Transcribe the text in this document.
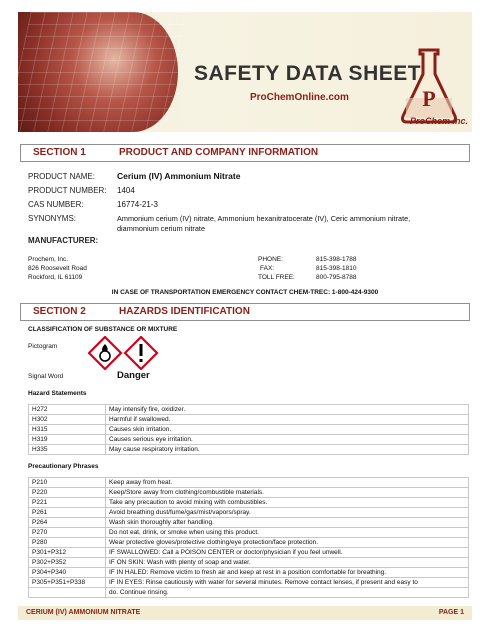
SAFETY DATA SHEET
ProChemOnline.com	P
ProChem inc.
SECTION 1	PRODUCT AND COMPANY INFORMATION
PRODUCT NAME:	Cerium (IV) Ammonium Nitrate
PRODUCT NUMBER: 1404
CAS NUMBER:	16774-21-3
SYNONYMS:	Ammonium cerium (IV) nitrate, Ammonium hexanitratocerate (IV), Ceric ammonium nitrate,
diammonium cerium nitrate
MANUFACTURER:
Prochem, Inc.
826 Roosevelt Road
Rockford, IL 61109
PHONE:	815-398-1788
FAX:	815-398-1810
TOLL FREE:	800-795-8788
IN CASE OF TRANSPORTATION EMERGENCY CONTACT CHEM-TREC: 1-800-424-9300
SECTION 2	HAZARDS IDENTIFICATION
CLASSIFICATION OF SUBSTANCE OR MIXTURE
Pictogram
Signal Word	Danger
Hazard Statements
H272	May intensify fire, oxidizer.
H302	Harmful if swallowed.
H315	Causes skin irritation.
H319	Causes serious eye irritation.
H335	May cause respiratory irritation.
Precautionary Phrases
P210	Keep away from heat.
P220	Keep/Store away from clothing/combustible materials.
P221	Take any precaution to avoid mixing with combustibles.
P261	Avoid breathing dust/fume/gas/mist/vapors/spray.
P264	Wash skin thoroughly after handling.
P270	Do not eat, drink, or smoke when using this product.
P280	Wear protective gloves/protective clothing/eye protection/face protection.
P301+P312	IF SWALLOWED: Call a POISON CENTER or doctor/physician if you feel unwell.
P302+P352	IF ON SKIN: Wash with plenty of soap and water.
P304+P340	IF IN HALED: Remove victim to fresh air and keep at rest in a position comfortable for breathing.
P305+P351+P338	IF IN EYES: Rinse cautiously with water for several minutes. Remove contact lenses, if present and easy to
	do. Continue rinsing.
CERIUM (IV) AMMONIUM NITRATE	PAGE 1
